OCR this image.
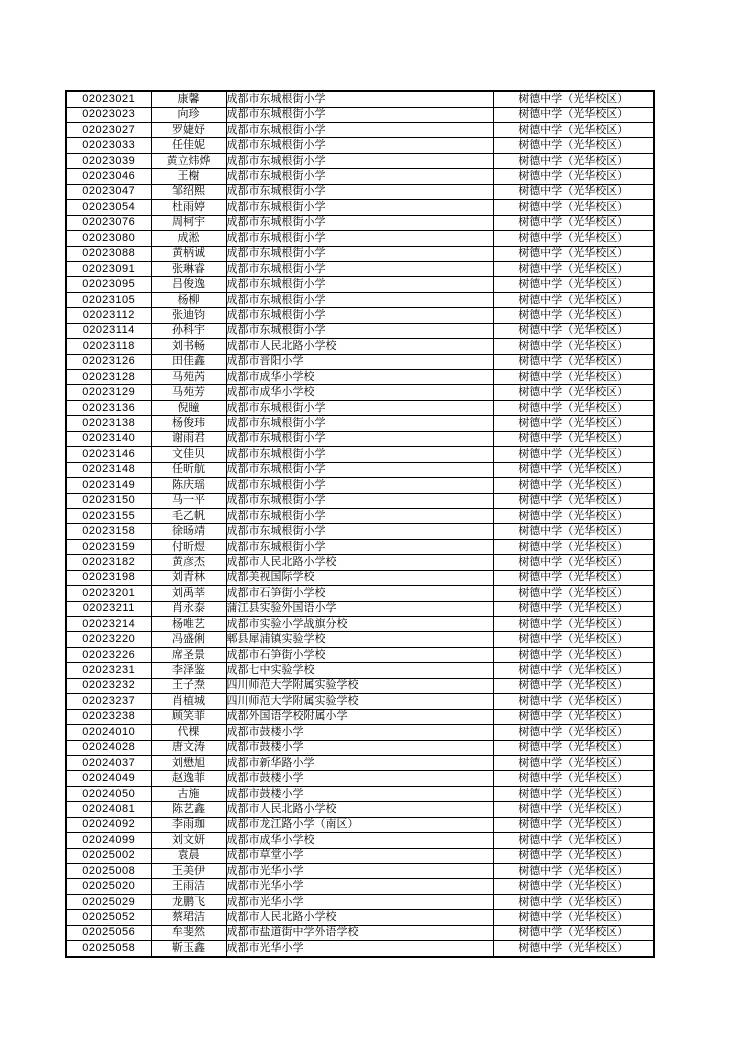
02023021	康馨	成都市东城根街小学	树德中学（光华校区）
02023023	向珍	成都市东城根街小学	树德中学（光华校区）
02023027	罗婕妤	成都市东城根街小学	树德中学（光华校区）
02023033	任佳妮	成都市东城根街小学	树德中学（光华校区）
02023039	黄立炜烨	成都市东城根街小学	树德中学（光华校区）
02023046	王榭	成都市东城根街小学	树德中学（光华校区）
02023047	邹绍熙	成都市东城根街小学	树德中学（光华校区）
02023054	杜雨婷	成都市东城根街小学	树德中学（光华校区）
02023076	周柯宇	成都市东城根街小学	树德中学（光华校区）
02023080	成淞	成都市东城根街小学	树德中学（光华校区）
02023088	黄柄诚	成都市东城根街小学	树德中学（光华校区）
02023091	张琳睿	成都市东城根街小学	树德中学（光华校区）
02023095	吕俊逸	成都市东城根街小学	树德中学（光华校区）
02023105	杨柳	成都市东城根街小学	树德中学（光华校区）
02023112	张迪钧	成都市东城根街小学	树德中学（光华校区）
02023114	孙科宇	成都市东城根街小学	树德中学（光华校区）
02023118	刘书畅	成都市人民北路小学校	树德中学（光华校区）
02023126	田佳鑫	成都市晋阳小学	树德中学（光华校区）
02023128	马苑芮	成都市成华小学校	树德中学（光华校区）
02023129	马苑芳	成都市成华小学校	树德中学（光华校区）
02023136	倪瞳	成都市东城根街小学	树德中学（光华校区）
02023138	杨俊玮	成都市东城根街小学	树德中学（光华校区）
02023140	谢雨君	成都市东城根街小学	树德中学（光华校区）
02023146	文佳贝	成都市东城根街小学	树德中学（光华校区）
02023148	任昕航	成都市东城根街小学	树德中学（光华校区）
02023149	陈庆瑶	成都市东城根街小学	树德中学（光华校区）
02023150	马一平	成都市东城根街小学	树德中学（光华校区）
02023155	毛乙帆	成都市东城根街小学	树德中学（光华校区）
02023158	徐旸靖	成都市东城根街小学	树德中学（光华校区）
02023159	付昕煜	成都市东城根街小学	树德中学（光华校区）
02023182	黄彦杰	成都市人民北路小学校	树德中学（光华校区）
02023198	刘青林	成都美视国际学校	树德中学（光华校区）
02023201	刘禹莘	成都市石笋街小学校	树德中学（光华校区）
02023211	肖永泰	蒲江县实验外国语小学	树德中学（光华校区）
02023214	杨唯艺	成都市实验小学战旗分校	树德中学（光华校区）
02023220	冯盛俐	郫县犀浦镇实验学校	树德中学（光华校区）
02023226	席圣景	成都市石笋街小学校	树德中学（光华校区）
02023231	李泽鉴	成都七中实验学校	树德中学（光华校区）
02023232	王子焘	四川师范大学附属实验学校	树德中学（光华校区）
02023237	肖植城	四川师范大学附属实验学校	树德中学（光华校区）
02023238	顾笑菲	成都外国语学校附属小学	树德中学（光华校区）
02024010	代棵	成都市鼓楼小学	树德中学（光华校区）
02024028	唐文涛	成都市鼓楼小学	树德中学（光华校区）
02024037	刘懋旭	成都市新华路小学	树德中学（光华校区）
02024049	赵逸菲	成都市鼓楼小学	树德中学（光华校区）
02024050	古施	成都市鼓楼小学	树德中学（光华校区）
02024081	陈艺鑫	成都市人民北路小学校	树德中学（光华校区）
02024092	李雨珈	成都市龙江路小学（南区）	树德中学（光华校区）
02024099	刘文妍	成都市成华小学校	树德中学（光华校区）
02025002	袁晨	成都市草堂小学	树德中学（光华校区）
02025008	王美伊	成都市光华小学	树德中学（光华校区）
02025020	王雨洁	成都市光华小学	树德中学（光华校区）
02025029	龙鹏飞	成都市光华小学	树德中学（光华校区）
02025052	蔡珺洁	成都市人民北路小学校	树德中学（光华校区）
02025056	牟斐然	成都市盐道街中学外语学校	树德中学（光华校区）
02025058	靳玉鑫	成都市光华小学	树德中学（光华校区）
